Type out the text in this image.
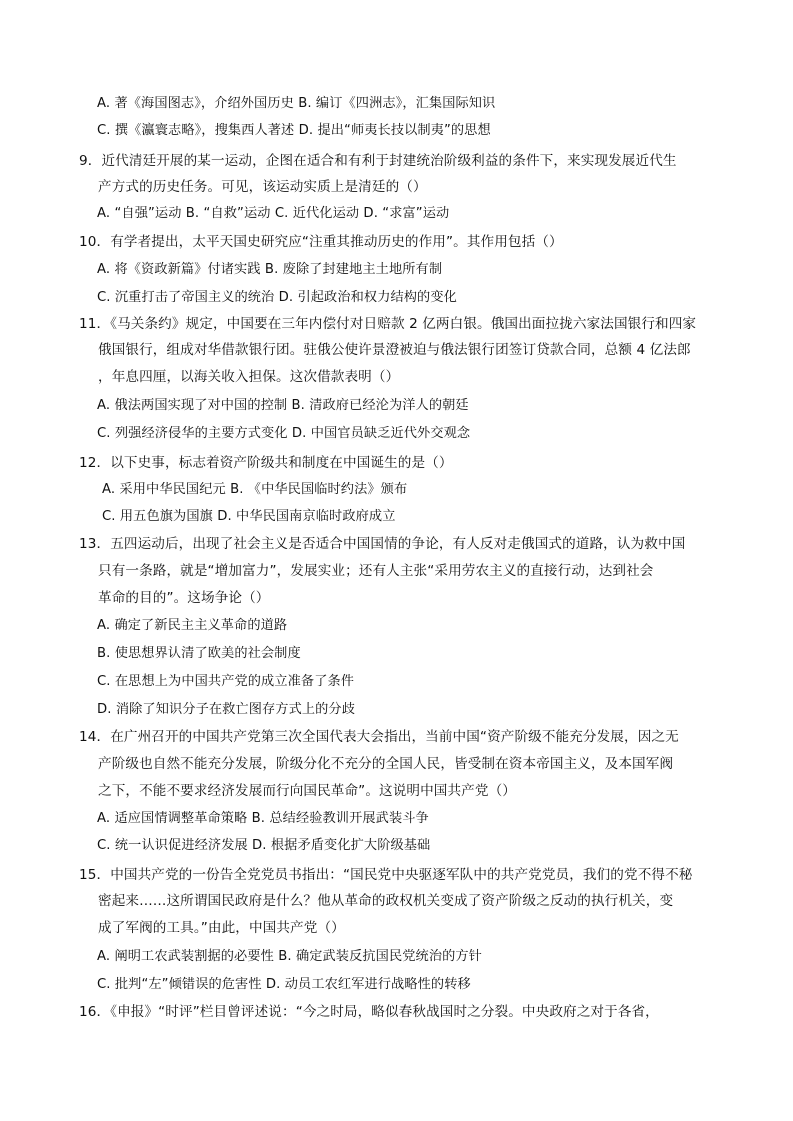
A. 著《海国图志》，介绍外国历史 B. 编订《四洲志》，汇集国际知识
C. 撰《瀛寰志略》，搜集西人著述 D. 提出“师夷长技以制夷”的思想
9．近代清廷开展的某一运动，企图在适合和有利于封建统治阶级利益的条件下，来实现发展近代生
产方式的历史任务。可见，该运动实质上是清廷的（）
A. “自强”运动 B. “自救”运动 C. 近代化运动 D. “求富”运动
10．有学者提出，太平天国史研究应“注重其推动历史的作用”。其作用包括（）
A. 将《资政新篇》付诸实践 B. 废除了封建地主土地所有制
C. 沉重打击了帝国主义的统治 D. 引起政治和权力结构的变化
11．《马关条约》规定，中国要在三年内偿付对日赔款 2 亿两白银。俄国出面拉拢六家法国银行和四家
俄国银行，组成对华借款银行团。驻俄公使许景澄被迫与俄法银行团签订贷款合同，总额 4 亿法郎
，年息四厘，以海关收入担保。这次借款表明（）
A. 俄法两国实现了对中国的控制 B. 清政府已经沦为洋人的朝廷
C. 列强经济侵华的主要方式变化 D. 中国官员缺乏近代外交观念
12．以下史事，标志着资产阶级共和制度在中国诞生的是（）
A. 采用中华民国纪元 B. 《中华民国临时约法》颁布
C. 用五色旗为国旗 D. 中华民国南京临时政府成立
13．五四运动后，出现了社会主义是否适合中国国情的争论，有人反对走俄国式的道路，认为救中国
只有一条路，就是“增加富力”，发展实业；还有人主张“采用劳农主义的直接行动，达到社会
革命的目的”。这场争论（）
A. 确定了新民主主义革命的道路
B. 使思想界认清了欧美的社会制度
C. 在思想上为中国共产党的成立准备了条件
D. 消除了知识分子在救亡图存方式上的分歧
14．在广州召开的中国共产党第三次全国代表大会指出，当前中国“资产阶级不能充分发展，因之无
产阶级也自然不能充分发展，阶级分化不充分的全国人民，皆受制在资本帝国主义，及本国军阀
之下，不能不要求经济发展而行向国民革命”。这说明中国共产党（）
A. 适应国情调整革命策略 B. 总结经验教训开展武装斗争
C. 统一认识促进经济发展 D. 根据矛盾变化扩大阶级基础
15．中国共产党的一份告全党党员书指出：“国民党中央驱逐军队中的共产党党员，我们的党不得不秘
密起来……这所谓国民政府是什么？他从革命的政权机关变成了资产阶级之反动的执行机关，变
成了军阀的工具。”由此，中国共产党（）
A. 阐明工农武装割据的必要性 B. 确定武装反抗国民党统治的方针
C. 批判“左”倾错误的危害性 D. 动员工农红军进行战略性的转移
16．《申报》“时评”栏目曾评述说：“今之时局，略似春秋战国时之分裂。中央政府之对于各省，
